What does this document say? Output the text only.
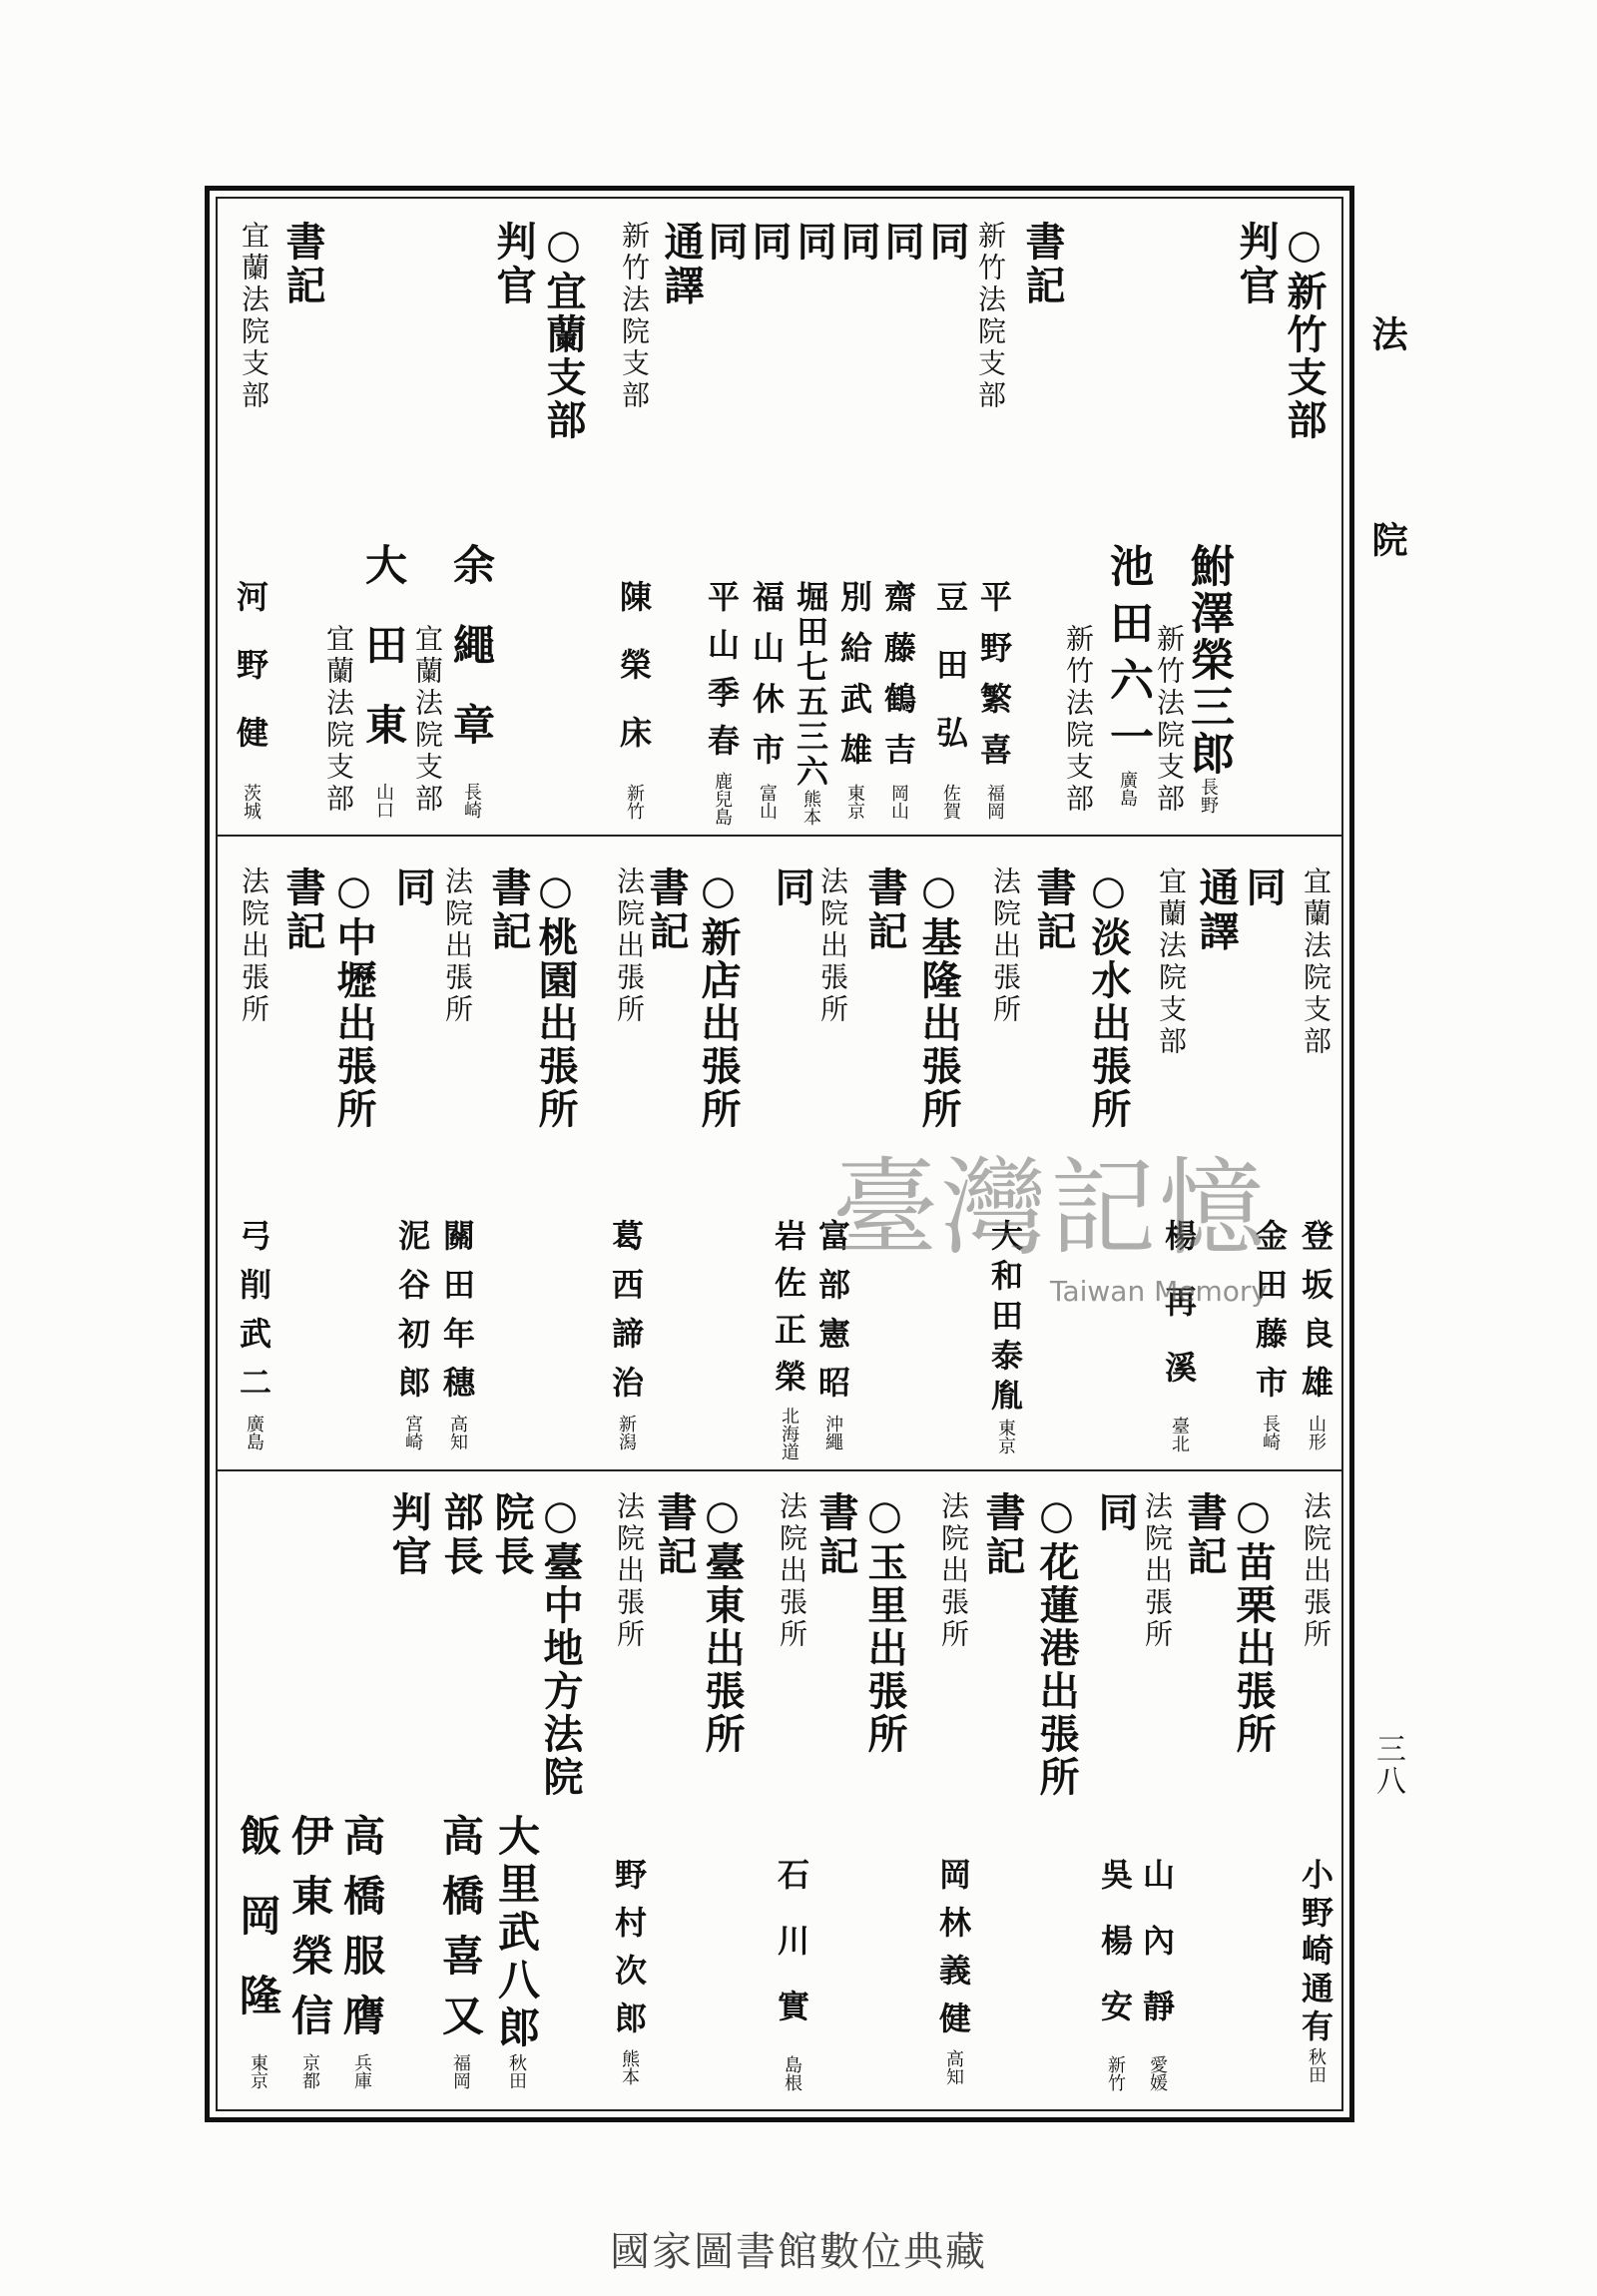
法
院
三八
○新竹支部
判官
書記
新竹法院支部
同
同
同
同
同
同
通譯
新竹法院支部
○宜蘭支部
判官
書記
宜蘭法院支部
新竹法院支部
新竹法院支部
宜蘭法院支部
宜蘭法院支部	鮒澤榮三郎長野
池田六一廣島
平野繁喜福岡
豆田弘佐賀
齋藤鶴吉岡山
別給武雄東京
堀田七五三六熊本
福山休市富山
平山季春鹿兒島
陳榮床新竹
余繩章長崎
大田東山口
河野健茨城
宜蘭法院支部
同
通譯
宜蘭法院支部
○淡水出張所
書記
法院出張所
○基隆出張所
書記
法院出張所
同
○新店出張所
書記
法院出張所
○桃園出張所
書記
法院出張所
同
○中壢出張所
書記
法院出張所
登坂良雄山形
金田藤市長崎
楊再溪臺北
大和田泰胤東京
富部憲昭沖繩
岩佐正榮北海道
葛西諦治新潟
關田年穗高知
泥谷初郎宮崎
弓削武二廣島
法院出張所
○苗栗出張所
書記
法院出張所
同
○花蓮港出張所
書記
法院出張所
○玉里出張所
書記
法院出張所
○臺東出張所
書記
法院出張所
○臺中地方法院
院長
部長
判官
小野崎通有秋田
山內靜愛媛
吳楊安新竹
岡林義健高知
石川實島根
野村次郎熊本
大里武八郎秋田
高橋喜又福岡
高橋服膺兵庫
伊東榮信京都
飯岡隆東京
臺灣記憶
Taiwan Memory
國家圖書館數位典藏
